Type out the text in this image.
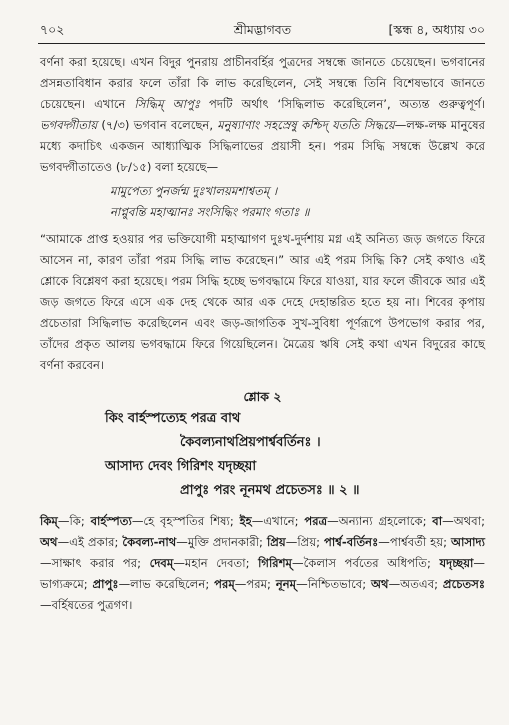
৭০২	শ্রীমদ্ভাগবত	[স্কন্ধ ৪, অধ্যায় ৩০

বর্ণনা করা হয়েছে। এখন বিদুর পুনরায় প্রাচীনবর্হির পুত্রদের সম্বন্ধে জানতে চেয়েছেন। ভগবানের প্রসন্নতাবিধান করার ফলে তাঁরা কি লাভ করেছিলেন, সেই সম্বন্ধে তিনি বিশেষভাবে জানতে চেয়েছেন। এখানে সিদ্ধিম্ আপুঃ পদটি অর্থাৎ ‘সিদ্ধিলাভ করেছিলেন’, অত্যন্ত গুরুত্বপূর্ণ। ভগবদ্গীতায় (৭/৩) ভগবান বলেছেন, মনুষ্যাণাং সহস্রেষু কশ্চিদ্ যততি সিদ্ধয়ে—লক্ষ-লক্ষ মানুষের মধ্যে কদাচিৎ একজন আধ্যাত্মিক সিদ্ধিলাভের প্রয়াসী হন। পরম সিদ্ধি সম্বন্ধে উল্লেখ করে ভগবদ্গীতাতেও (৮/১৫) বলা হয়েছে—

মামুপেত্য পুনর্জন্ম দুঃখালয়মশাশ্বতম্ ।
নাপ্নুবন্তি মহাত্মানঃ সংসিদ্ধিং পরমাং গতাঃ ॥

“আমাকে প্রাপ্ত হওয়ার পর ভক্তিযোগী মহাত্মাগণ দুঃখ-দুর্দশায় মগ্ন এই অনিত্য জড় জগতে ফিরে আসেন না, কারণ তাঁরা পরম সিদ্ধি লাভ করেছেন।” আর এই পরম সিদ্ধি কি? সেই কথাও এই শ্লোকে বিশ্লেষণ করা হয়েছে। পরম সিদ্ধি হচ্ছে ভগবদ্ধামে ফিরে যাওয়া, যার ফলে জীবকে আর এই জড় জগতে ফিরে এসে এক দেহ থেকে আর এক দেহে দেহান্তরিত হতে হয় না। শিবের কৃপায় প্রচেতারা সিদ্ধিলাভ করেছিলেন এবং জড়-জাগতিক সুখ-সুবিধা পূর্ণরূপে উপভোগ করার পর, তাঁদের প্রকৃত আলয় ভগবদ্ধামে ফিরে গিয়েছিলেন। মৈত্রেয় ঋষি সেই কথা এখন বিদুরের কাছে বর্ণনা করবেন।

শ্লোক ২
কিং বার্হস্পত্যেহ পরত্র বাথ
কৈবল্যনাথপ্রিয়পার্শ্ববর্তিনঃ ।
আসাদ্য দেবং গিরিশং যদৃচ্ছয়া
প্রাপুঃ পরং নূনমথ প্রচেতসঃ ॥ ২ ॥

কিম্—কি; বার্হস্পত্য—হে বৃহস্পতির শিষ্য; ইহ—এখানে; পরত্র—অন্যান্য গ্রহলোকে; বা—অথবা; অথ—এই প্রকার; কৈবল্য-নাথ—মুক্তি প্রদানকারী; প্রিয়—প্রিয়; পার্শ্ব-বর্তিনঃ—পার্শ্ববর্তী হয়; আসাদ্য—সাক্ষাৎ করার পর; দেবম্—মহান দেবতা; গিরিশম্—কৈলাস পর্বতের অধিপতি; যদৃচ্ছয়া—ভাগ্যক্রমে; প্রাপুঃ—লাভ করেছিলেন; পরম্—পরম; নূনম্—নিশ্চিতভাবে; অথ—অতএব; প্রচেতসঃ—বর্হিষতের পুত্রগণ।
